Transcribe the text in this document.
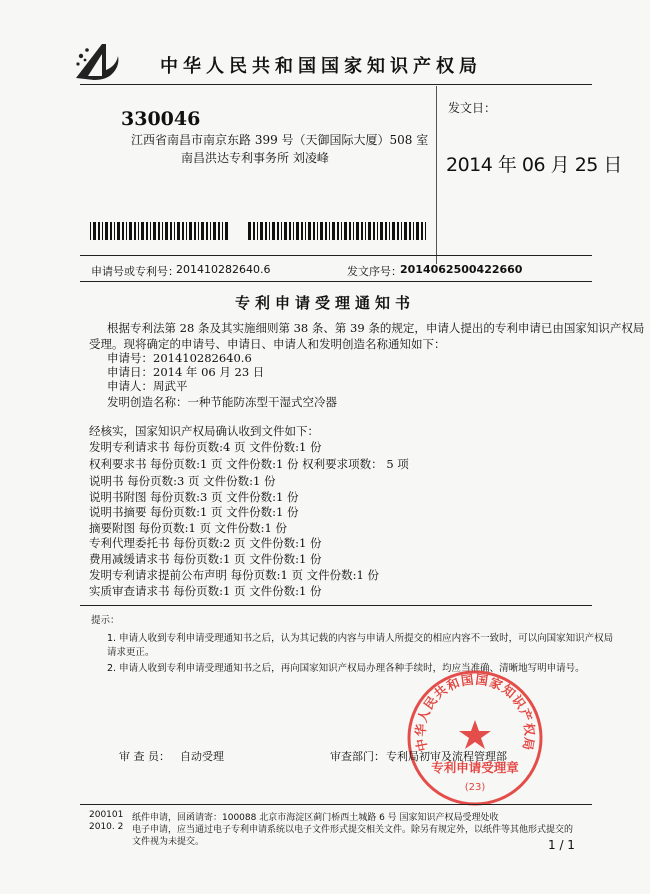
中华人民共和国国家知识产权局
330046
江西省南昌市南京东路 399 号（天御国际大厦）508 室
南昌洪达专利事务所 刘凌峰
发文日：
2014 年 06 月 25 日
申请号或专利号：
201410282640.6	发文序号：
2014062500422660
专利申请受理通知书
根据专利法第 28 条及其实施细则第 38 条、第 39 条的规定，申请人提出的专利申请已由国家知识产权局
受理。现将确定的申请号、申请日、申请人和发明创造名称通知如下：
申请号：201410282640.6
申请日：2014 年 06 月 23 日
申请人：周武平
发明创造名称：一种节能防冻型干湿式空冷器
经核实，国家知识产权局确认收到文件如下：
发明专利请求书 每份页数:4 页 文件份数:1 份
权利要求书 每份页数:1 页 文件份数:1 份 权利要求项数： 5 项
说明书 每份页数:3 页 文件份数:1 份
说明书附图 每份页数:3 页 文件份数:1 份
说明书摘要 每份页数:1 页 文件份数:1 份
摘要附图 每份页数:1 页 文件份数:1 份
专利代理委托书 每份页数:2 页 文件份数:1 份
费用减缓请求书 每份页数:1 页 文件份数:1 份
发明专利请求提前公布声明 每份页数:1 页 文件份数:1 份
实质审查请求书 每份页数:1 页 文件份数:1 份
提示：
1. 申请人收到专利申请受理通知书之后，认为其记载的内容与申请人所提交的相应内容不一致时，可以向国家知识产权局
请求更正。
2. 申请人收到专利申请受理通知书之后，再向国家知识产权局办理各种手续时，均应当准确、清晰地写明申请号。
中华人民共和国国家知识产权局
专利申请受理章
(23)
审 查 员： 自动受理	审查部门： 专利局初审及流程管理部
200101
2010. 2
纸件申请，回函请寄：100088 北京市海淀区蓟门桥西土城路 6 号 国家知识产权局受理处收
电子申请，应当通过电子专利申请系统以电子文件形式提交相关文件。除另有规定外，以纸件等其他形式提交的
文件视为未提交。	1 / 1
